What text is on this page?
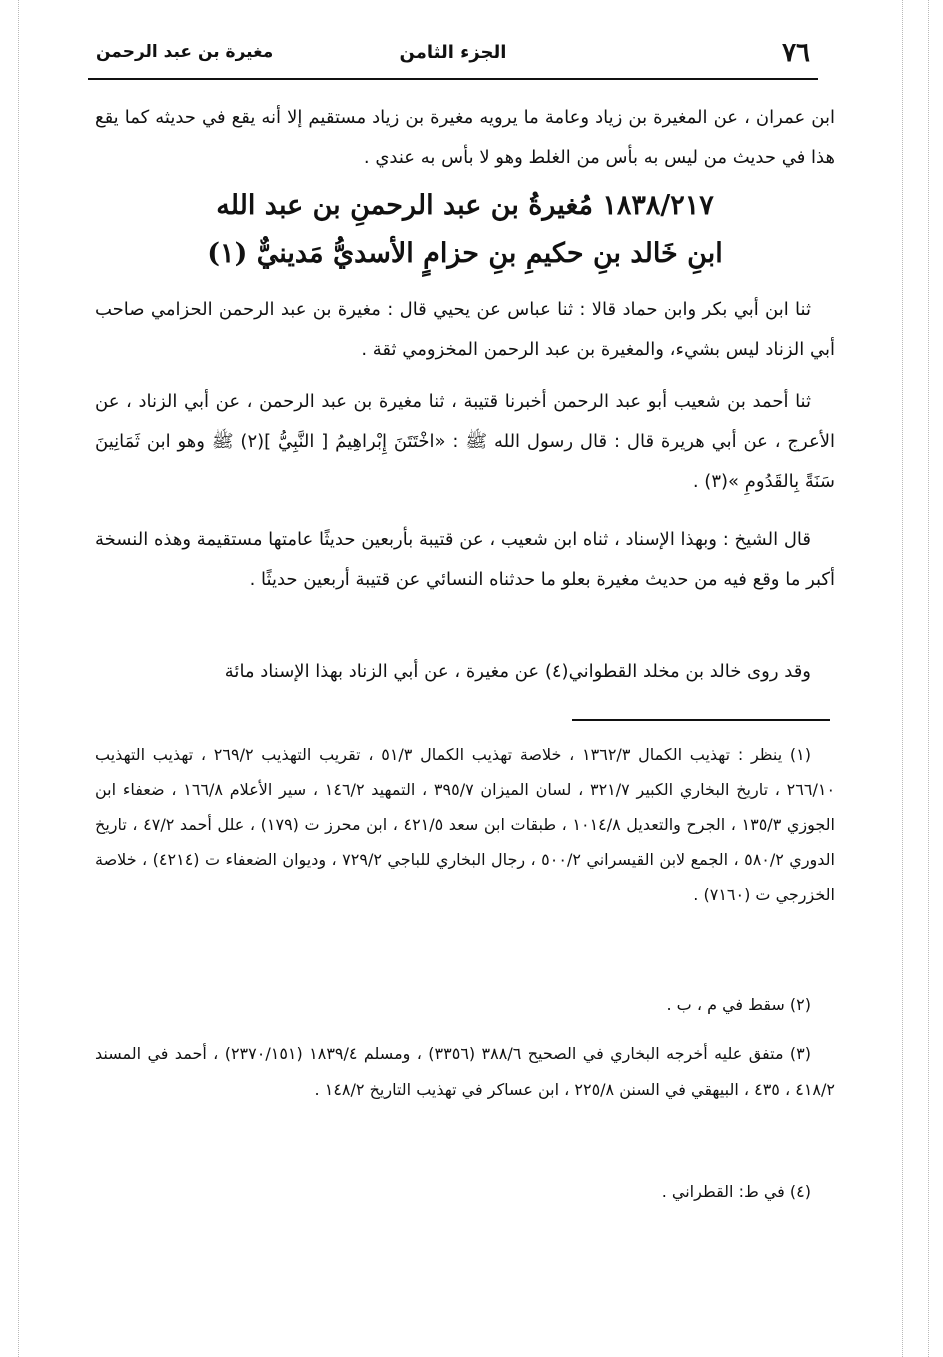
٧٦
الجزء الثامن
مغيرة بن عبد الرحمن
ابن عمران ، عن المغيرة بن زياد وعامة ما يرويه مغيرة بن زياد مستقيم إلا أنه يقع في حديثه كما يقع هذا في حديث من ليس به بأس من الغلط وهو لا بأس به عندي .
١٨٣٨/٢١٧ مُغيرةُ بن عبد الرحمنِ بن عبد الله
ابنِ خَالد بنِ حكيمِ بنِ حزامٍ الأسديُّ مَدينيٌّ (١)
ثنا ابن أبي بكر وابن حماد قالا : ثنا عباس عن يحيي قال : مغيرة بن عبد الرحمن الحزامي صاحب أبي الزناد ليس بشيء، والمغيرة بن عبد الرحمن المخزومي ثقة .
ثنا أحمد بن شعيب أبو عبد الرحمن أخبرنا قتيبة ، ثنا مغيرة بن عبد الرحمن ، عن أبي الزناد ، عن الأعرج ، عن أبي هريرة قال : قال رسول الله ﷺ : «اخْتَتَنَ إِبْراهِيمُ [ النَّبِيُّ ](٢) ﷺ وهو ابن ثَمَانِينَ سَنَةً بِالقَدُومِ »(٣) .
قال الشيخ : وبهذا الإسناد ، ثناه ابن شعيب ، عن قتيبة بأربعين حديثًا عامتها مستقيمة وهذه النسخة أكبر ما وقع فيه من حديث مغيرة بعلو ما حدثناه النسائي عن قتيبة أربعين حديثًا .
وقد روى خالد بن مخلد القطواني(٤) عن مغيرة ، عن أبي الزناد بهذا الإسناد مائة
(١) ينظر : تهذيب الكمال ١٣٦٢/٣ ، خلاصة تهذيب الكمال ٥١/٣ ، تقريب التهذيب ٢٦٩/٢ ، تهذيب التهذيب ٢٦٦/١٠ ، تاريخ البخاري الكبير ٣٢١/٧ ، لسان الميزان ٣٩٥/٧ ، التمهيد ١٤٦/٢ ، سير الأعلام ١٦٦/٨ ، ضعفاء ابن الجوزي ١٣٥/٣ ، الجرح والتعديل ١٠١٤/٨ ، طبقات ابن سعد ٤٢١/٥ ، ابن محرز ت (١٧٩) ، علل أحمد ٤٧/٢ ، تاريخ الدوري ٥٨٠/٢ ، الجمع لابن القيسراني ٥٠٠/٢ ، رجال البخاري للباجي ٧٢٩/٢ ، وديوان الضعفاء ت (٤٢١٤) ، خلاصة الخزرجي ت (٧١٦٠) .
(٢) سقط في م ، ب .
(٣) متفق عليه أخرجه البخاري في الصحيح ٣٨٨/٦ (٣٣٥٦) ، ومسلم ١٨٣٩/٤ (٢٣٧٠/١٥١) ، أحمد في المسند ٤١٨/٢ ، ٤٣٥ ، البيهقي في السنن ٢٢٥/٨ ، ابن عساكر في تهذيب التاريخ ١٤٨/٢ .
(٤) في ط: القطراني .
